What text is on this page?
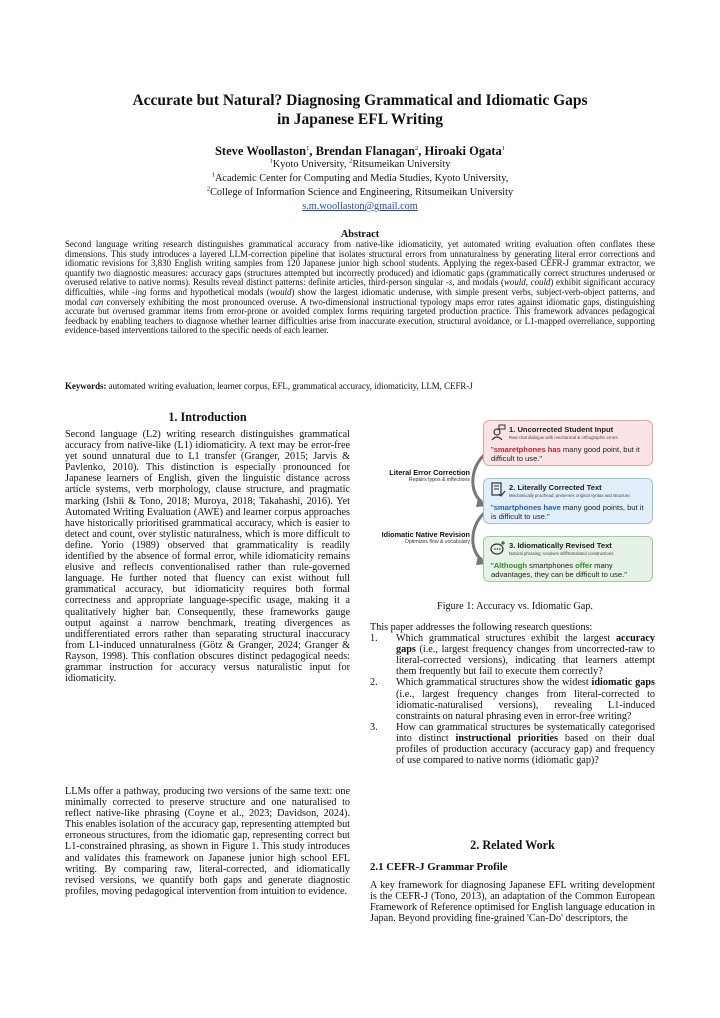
Accurate but Natural? Diagnosing Grammatical and Idiomatic Gaps
in Japanese EFL Writing
Steve Woollaston$^1$, Brendan Flanagan$^2$, Hiroaki Ogata$^1$
$^1$Kyoto University, $^2$Ritsumeikan University
$^1$Academic Center for Computing and Media Studies, Kyoto University,
$^2$College of Information Science and Engineering, Ritsumeikan University
s.m.woollaston@gmail.com
Abstract
Second language writing research distinguishes grammatical accuracy from native-like idiomaticity, yet automated writing evaluation often conflates these dimensions. This study introduces a layered LLM-correction pipeline that isolates structural errors from unnaturalness by generating literal error corrections and idiomatic revisions for 3,830 English writing samples from 120 Japanese junior high school students. Applying the regex-based CEFR-J grammar extractor, we quantify two diagnostic measures: accuracy gaps (structures attempted but incorrectly produced) and idiomatic gaps (grammatically correct structures underused or overused relative to native norms). Results reveal distinct patterns: definite articles, third-person singular -s, and modals (would, could) exhibit significant accuracy difficulties, while -ing forms and hypothetical modals (would) show the largest idiomatic underuse, with simple present verbs, subject-verb-object patterns, and modal can conversely exhibiting the most pronounced overuse. A two-dimensional instructional typology maps error rates against idiomatic gaps, distinguishing accurate but overused grammar items from error-prone or avoided complex forms requiring targeted production practice. This framework advances pedagogical feedback by enabling teachers to diagnose whether learner difficulties arise from inaccurate execution, structural avoidance, or L1-mapped overreliance, supporting evidence-based interventions tailored to the specific needs of each learner.
Keywords: automated writing evaluation, learner corpus, EFL, grammatical accuracy, idiomaticity, LLM, CEFR-J
1. Introduction
Second language (L2) writing research distinguishes grammatical accuracy from native-like (L1) idiomaticity. A text may be error-free yet sound unnatural due to L1 transfer (Granger, 2015; Jarvis & Pavlenko, 2010). This distinction is especially pronounced for Japanese learners of English, given the linguistic distance across article systems, verb morphology, clause structure, and pragmatic marking (Ishii & Tono, 2018; Muroya, 2018; Takahashi, 2016). Yet Automated Writing Evaluation (AWE) and learner corpus approaches have historically prioritised grammatical accuracy, which is easier to detect and count, over stylistic naturalness, which is more difficult to define. Yorio (1989) observed that grammaticality is readily identified by the absence of formal error, while idiomaticity remains elusive and reflects conventionalised rather than rule-governed language. He further noted that fluency can exist without full grammatical accuracy, but idiomaticity requires both formal correctness and appropriate language-specific usage, making it a qualitatively higher bar. Consequently, these frameworks gauge output against a narrow benchmark, treating divergences as undifferentiated errors rather than separating structural inaccuracy from L1-induced unnaturalness (Götz & Granger, 2024; Granger & Rayson, 1998). This conflation obscures distinct pedagogical needs: grammar instruction for accuracy versus naturalistic input for idiomaticity.
LLMs offer a pathway, producing two versions of the same text: one minimally corrected to preserve structure and one naturalised to reflect native-like phrasing (Coyne et al., 2023; Davidson, 2024). This enables isolation of the accuracy gap, representing attempted but erroneous structures, from the idiomatic gap, representing correct but L1-constrained phrasing, as shown in Figure 1. This study introduces and validates this framework on Japanese junior high school EFL writing. By comparing raw, literal-corrected, and idiomatically revised versions, we quantify both gaps and generate diagnostic profiles, moving pedagogical intervention from intuition to evidence.
Literal Error Correction
Repairs typos & inflections
Idiomatic Native Revision
Optimizes flow & vocabulary
1. Uncorrected Student Input
Raw chat dialogue with mechanical & orthographic errors.
"smaretphones has many good point, but it difficult to use."
2. Literally Corrected Text
Mechanically proofread; preserves original syntax and structure.
"smartphones have many good points, but it is difficult to use."
3. Idiomatically Revised Text
Natural phrasing; resolves stiff/translated constructions.
"Although smartphones offer many advantages, they can be difficult to use."
Figure 1: Accuracy vs. Idiomatic Gap.
This paper addresses the following research questions:
1. Which grammatical structures exhibit the largest accuracy gaps (i.e., largest frequency changes from uncorrected-raw to literal-corrected versions), indicating that learners attempt them frequently but fail to execute them correctly?
2. Which grammatical structures show the widest idiomatic gaps (i.e., largest frequency changes from literal-corrected to idiomatic-naturalised versions), revealing L1-induced constraints on natural phrasing even in error-free writing?
3. How can grammatical structures be systematically categorised into distinct instructional priorities based on their dual profiles of production accuracy (accuracy gap) and frequency of use compared to native norms (idiomatic gap)?
2. Related Work
2.1 CEFR-J Grammar Profile
A key framework for diagnosing Japanese EFL writing development is the CEFR-J (Tono, 2013), an adaptation of the Common European Framework of Reference optimised for English language education in Japan. Beyond providing fine-grained 'Can-Do' descriptors, the
